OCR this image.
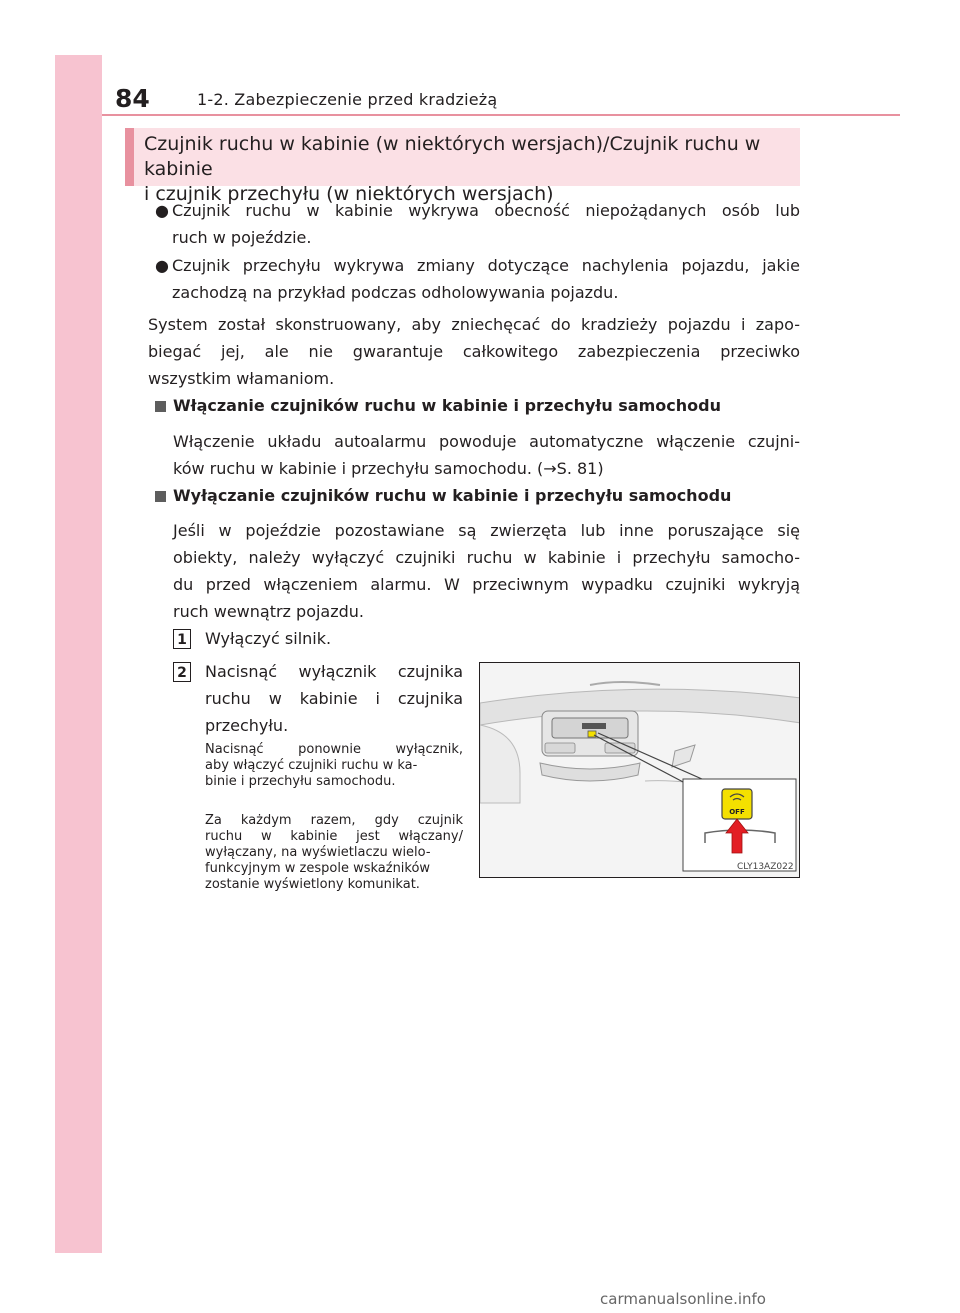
84	1-2. Zabezpieczenie przed kradzieżą
Czujnik ruchu w kabinie (w niektórych wersjach)/Czujnik ruchu w kabinie
i czujnik przechyłu (w niektórych wersjach)
● Czujnik ruchu w kabinie wykrywa obecność niepożądanych osób lub
ruch w pojeździe.
● Czujnik przechyłu wykrywa zmiany dotyczące nachylenia pojazdu, jakie
zachodzą na przykład podczas odholowywania pojazdu.
System został skonstruowany, aby zniechęcać do kradzieży pojazdu i zapo-
biegać jej, ale nie gwarantuje całkowitego zabezpieczenia przeciwko
wszystkim włamaniom.
Włączanie czujników ruchu w kabinie i przechyłu samochodu
Włączenie układu autoalarmu powoduje automatyczne włączenie czujni-
ków ruchu w kabinie i przechyłu samochodu. (→S. 81)
Wyłączanie czujników ruchu w kabinie i przechyłu samochodu
Jeśli w pojeździe pozostawiane są zwierzęta lub inne poruszające się
obiekty, należy wyłączyć czujniki ruchu w kabinie i przechyłu samocho-
du przed włączeniem alarmu. W przeciwnym wypadku czujniki wykryją
ruch wewnątrz pojazdu.
1 Wyłączyć silnik.
2 Nacisnąć wyłącznik czujnika
ruchu w kabinie i czujnika
przechyłu.
Nacisnąć ponownie wyłącznik,
aby włączyć czujniki ruchu w ka-
binie i przechyłu samochodu.
Za każdym razem, gdy czujnik
ruchu w kabinie jest włączany/
wyłączany, na wyświetlaczu wielo-
funkcyjnym w zespole wskaźników
zostanie wyświetlony komunikat.
OFF
CLY13AZ022
carmanualsonline.info
